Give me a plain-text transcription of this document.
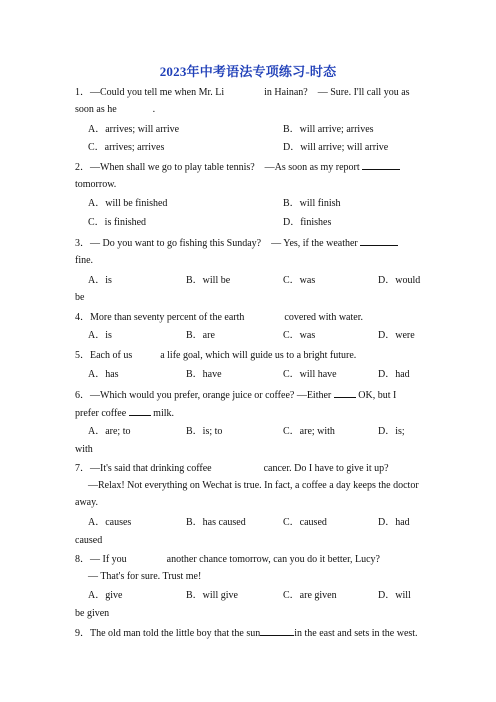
2023年中考语法专项练习-时态
1．—Could you tell me when Mr. Li	in Hainan?　— Sure. I'll call you as
soon as he	.
A．arrives; will arrive	B．will arrive; arrives
C．arrives; arrives	D．will arrive; will arrive
2．—When shall we go to play table tennis?　—As soon as my report
tomorrow.
A．will be finished	B．will finish
C．is finished	D．finishes
3．— Do you want to go fishing this Sunday?　— Yes, if the weather
fine.
A．is	B．will be	C．was	D．would
be
4．More than seventy percent of the earth	covered with water.
A．is	B．are	C．was	D．were
5．Each of us	a life goal, which will guide us to a bright future.
A．has	B．have	C．will have	D．had
6．—Which would you prefer, orange juice or coffee? —Either	OK, but I
prefer coffee	milk.
A．are; to	B．is; to	C．are; with	D．is;
with
7．—It's said that drinking coffee	cancer. Do I have to give it up?
—Relax! Not everything on Wechat is true. In fact, a coffee a day keeps the doctor
away.
A．causes	B．has caused	C．caused	D．had
caused
8．— If you	another chance tomorrow, can you do it better, Lucy?
— That's for sure. Trust me!
A．give	B．will give	C．are given	D．will
be given
9．The old man told the little boy that the sun	in the east and sets in the west.
